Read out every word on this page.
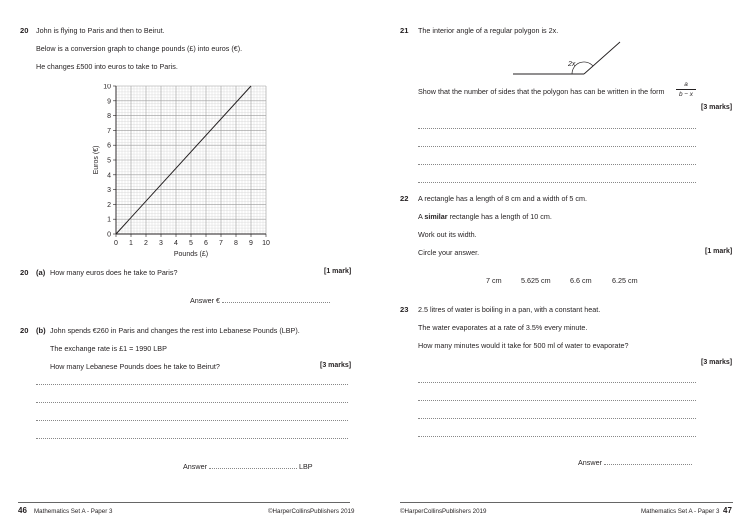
20 John is flying to Paris and then to Beirut.
Below is a conversion graph to change pounds (£) into euros (€).
He changes £500 into euros to take to Paris.
0 1 2 3 4 5 6 7 8 9 10
0
1
2
3
4
5
6
7
8
9
10
Pounds (£)
Euros (€)
20 (a) How many euros does he take to Paris?	[1 mark]
Answer €
20 (b) John spends €260 in Paris and changes the rest into Lebanese Pounds (LBP).
The exchange rate is £1 = 1990 LBP
How many Lebanese Pounds does he take to Beirut?	[3 marks]
Answer	LBP
46 Mathematics Set A - Paper 3	©HarperCollinsPublishers 2019
21 The interior angle of a regular polygon is 2x.
2x
Show that the number of sides that the polygon has can be written in the form $\frac{a}{b - x}$
[3 marks]
22 A rectangle has a length of 8 cm and a width of 5 cm.
A similar rectangle has a length of 10 cm.
Work out its width.
Circle your answer.	[1 mark]
7 cm	5.625 cm	6.6 cm	6.25 cm
23 2.5 litres of water is boiling in a pan, with a constant heat.
The water evaporates at a rate of 3.5% every minute.
How many minutes would it take for 500 ml of water to evaporate?
[3 marks]
Answer
©HarperCollinsPublishers 2019	Mathematics Set A - Paper 3 47
